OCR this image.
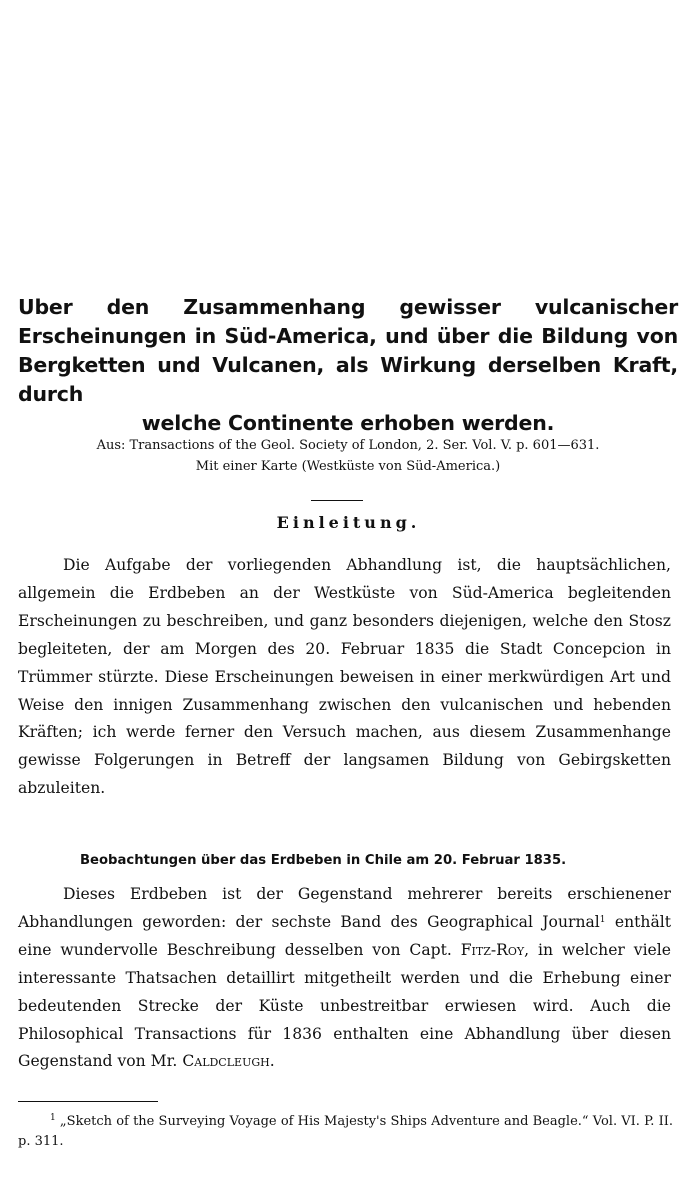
Uber den Zusammenhang gewisser vulcanischer Erscheinungen in Süd-America, und über die Bildung von Bergketten und Vulcanen, als Wirkung derselben Kraft, durch
welche Continente erhoben werden.

Aus: Transactions of the Geol. Society of London, 2. Ser. Vol. V. p. 601—631.
Mit einer Karte (Westküste von Süd-America.)

Einleitung.

Die Aufgabe der vorliegenden Abhandlung ist, die hauptsächlichen, allgemein die Erdbeben an der Westküste von Süd-America begleitenden Erscheinungen zu beschreiben, und ganz besonders diejenigen, welche den Stosz begleiteten, der am Morgen des 20. Februar 1835 die Stadt Concepcion in Trümmer stürzte. Diese Erscheinungen beweisen in einer merkwürdigen Art und Weise den innigen Zusammenhang zwischen den vulcanischen und hebenden Kräften; ich werde ferner den Versuch machen, aus diesem Zusammenhange gewisse Folgerungen in Betreff der langsamen Bildung von Gebirgsketten abzuleiten.

Beobachtungen über das Erdbeben in Chile am 20. Februar 1835.

Dieses Erdbeben ist der Gegenstand mehrerer bereits erschienener Abhandlungen geworden: der sechste Band des Geographical Journal$^1$ enthält eine wundervolle Beschreibung desselben von Capt. Fitz-Roy, in welcher viele interessante Thatsachen detaillirt mitgetheilt werden und die Erhebung einer bedeutenden Strecke der Küste unbestreitbar erwiesen wird. Auch die Philosophical Transactions für 1836 enthalten eine Abhandlung über diesen Gegenstand von Mr. Caldcleugh.

$^1$ „Sketch of the Surveying Voyage of His Majesty's Ships Adventure and Beagle.“ Vol. VI. P. II. p. 311.
